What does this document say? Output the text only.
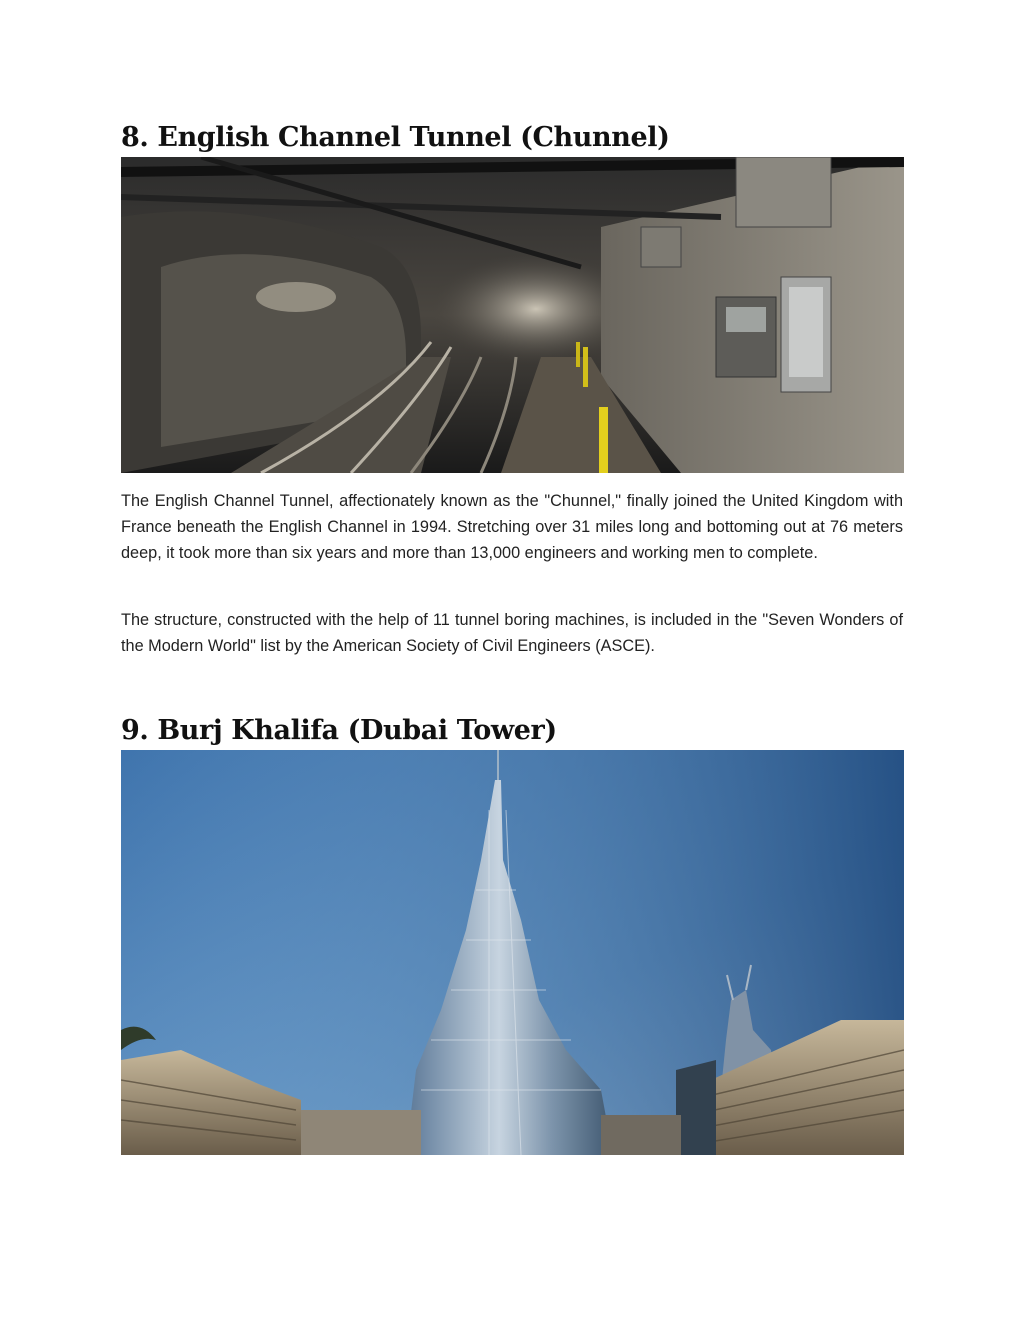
8. English Channel Tunnel (Chunnel)

The English Channel Tunnel, affectionately known as the "Chunnel," finally joined the United Kingdom with France beneath the English Channel in 1994. Stretching over 31 miles long and bottoming out at 76 meters deep, it took more than six years and more than 13,000 engineers and working men to complete.

The structure, constructed with the help of 11 tunnel boring machines, is included in the "Seven Wonders of the Modern World" list by the American Society of Civil Engineers (ASCE).

9. Burj Khalifa (Dubai Tower)
